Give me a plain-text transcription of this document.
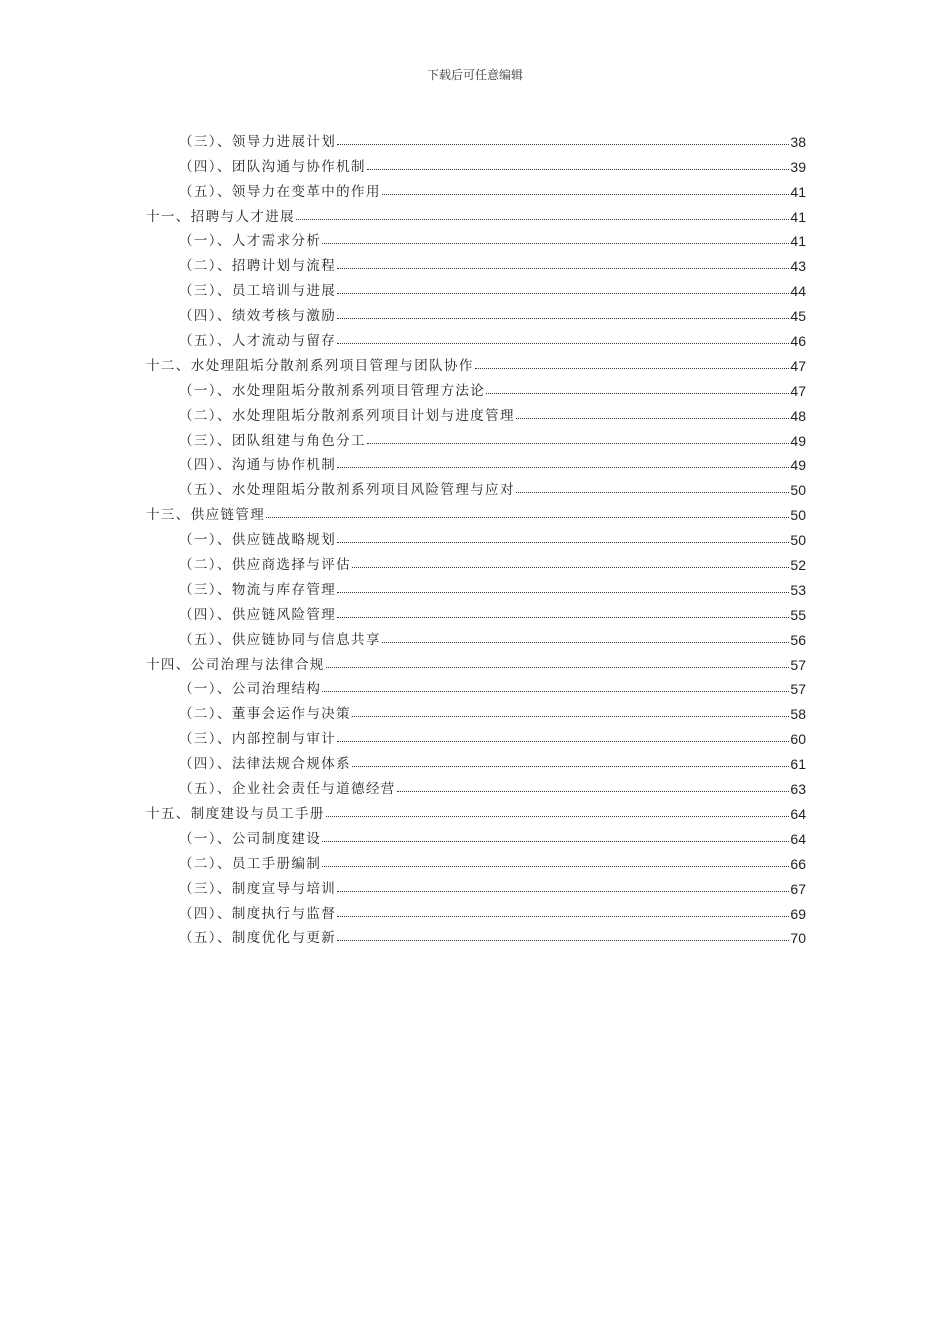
下载后可任意编辑
（三）、领导力进展计划	38
（四）、团队沟通与协作机制	39
（五）、领导力在变革中的作用	41
十一、招聘与人才进展	41
（一）、人才需求分析	41
（二）、招聘计划与流程	43
（三）、员工培训与进展	44
（四）、绩效考核与激励	45
（五）、人才流动与留存	46
十二、水处理阻垢分散剂系列项目管理与团队协作	47
（一）、水处理阻垢分散剂系列项目管理方法论	47
（二）、水处理阻垢分散剂系列项目计划与进度管理	48
（三）、团队组建与角色分工	49
（四）、沟通与协作机制	49
（五）、水处理阻垢分散剂系列项目风险管理与应对	50
十三、供应链管理	50
（一）、供应链战略规划	50
（二）、供应商选择与评估	52
（三）、物流与库存管理	53
（四）、供应链风险管理	55
（五）、供应链协同与信息共享	56
十四、公司治理与法律合规	57
（一）、公司治理结构	57
（二）、董事会运作与决策	58
（三）、内部控制与审计	60
（四）、法律法规合规体系	61
（五）、企业社会责任与道德经营	63
十五、制度建设与员工手册	64
（一）、公司制度建设	64
（二）、员工手册编制	66
（三）、制度宣导与培训	67
（四）、制度执行与监督	69
（五）、制度优化与更新	70
